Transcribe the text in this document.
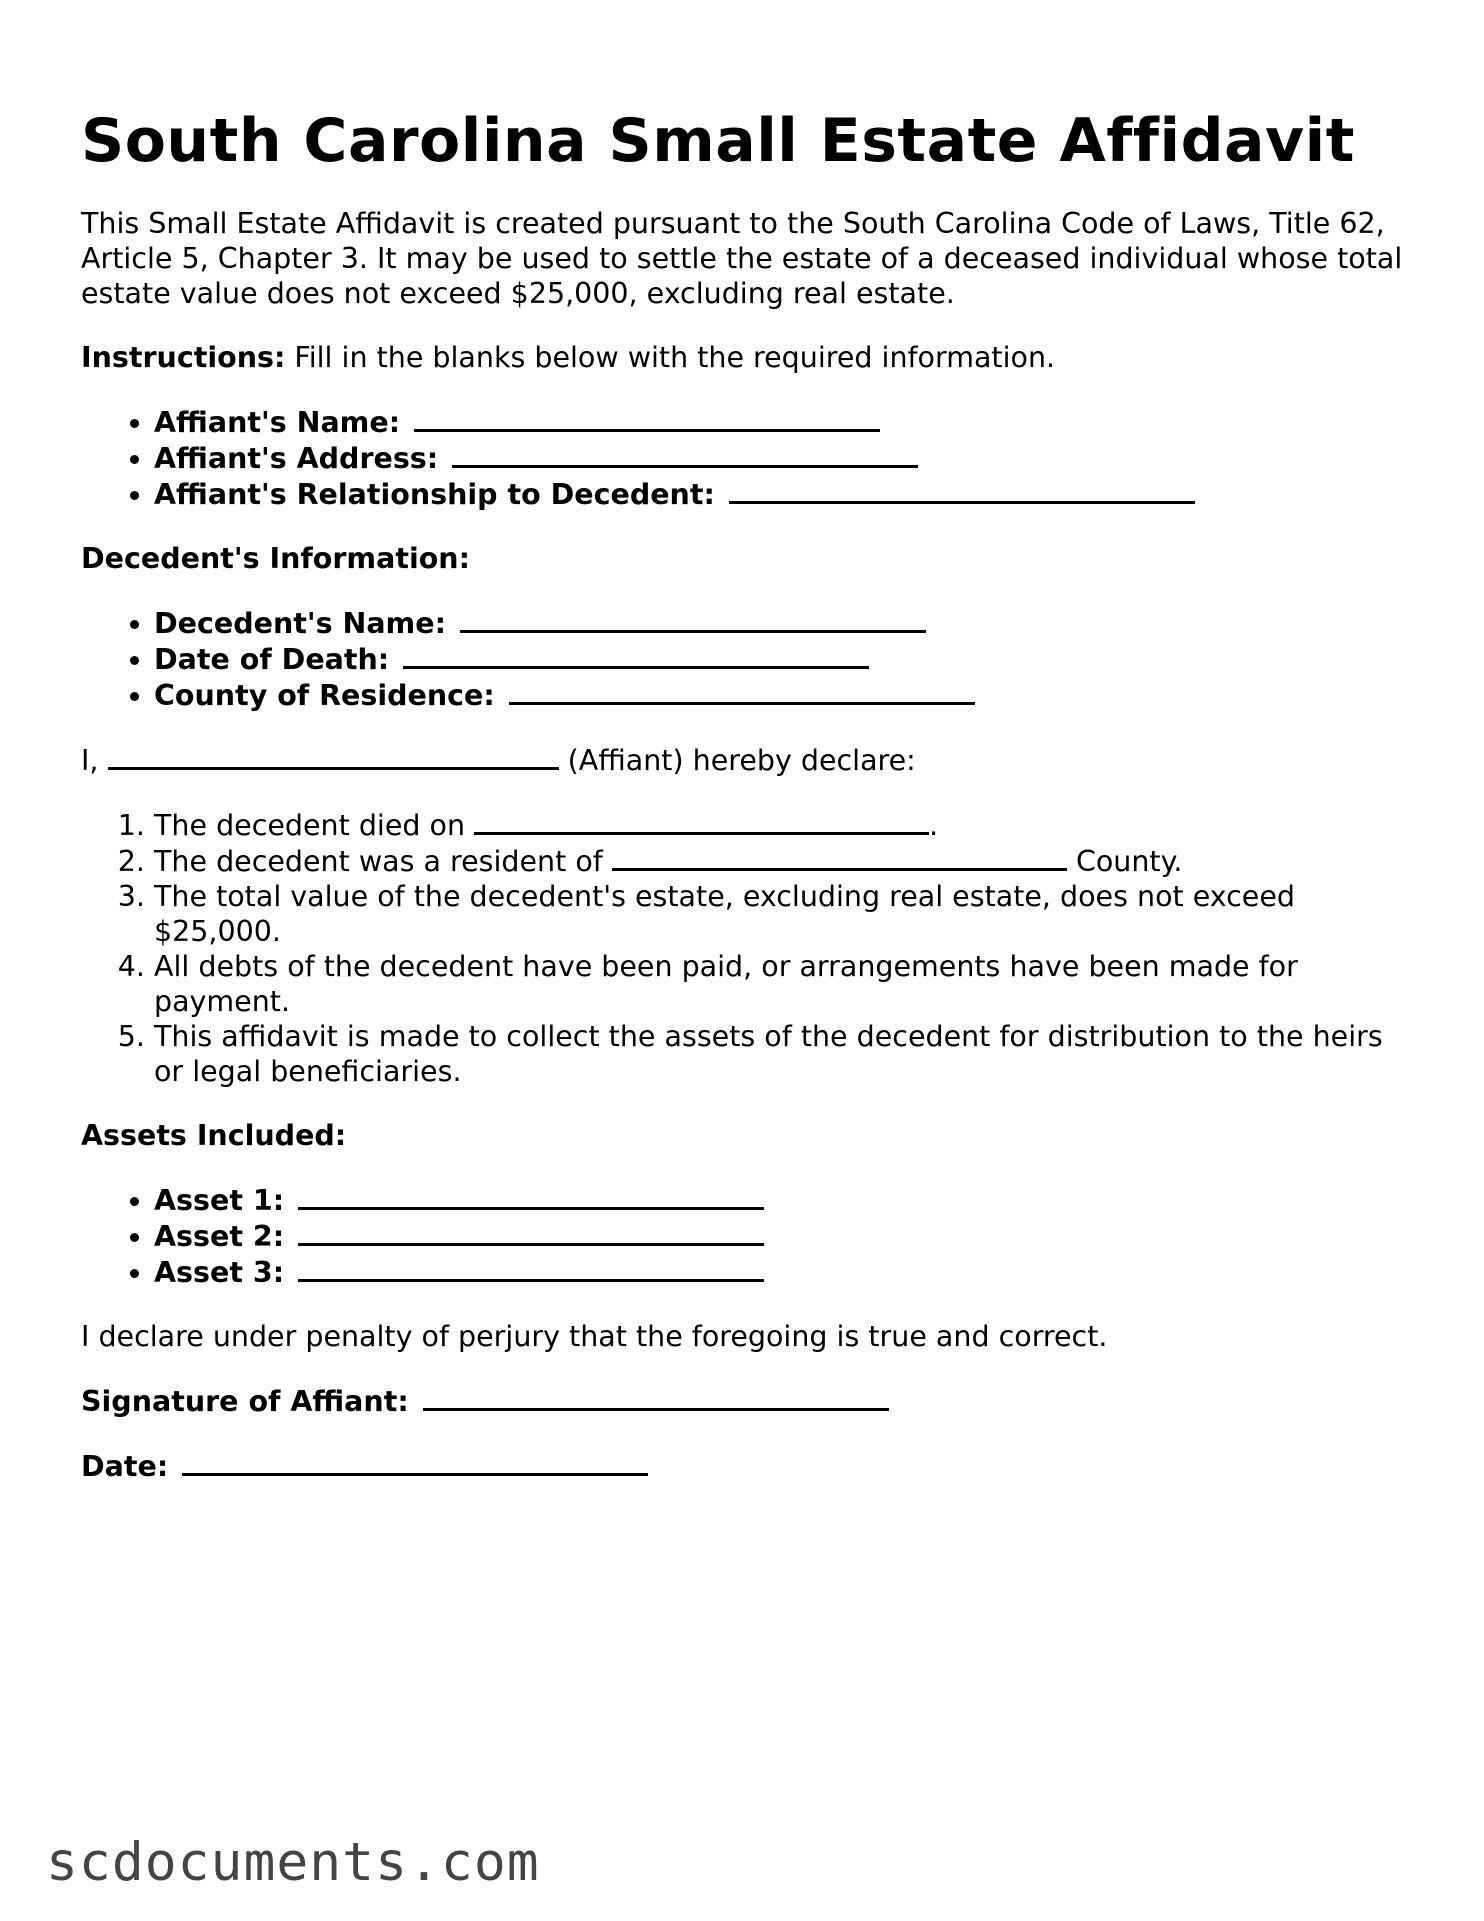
South Carolina Small Estate Affidavit

This Small Estate Affidavit is created pursuant to the South Carolina Code of Laws, Title 62, Article 5, Chapter 3. It may be used to settle the estate of a deceased individual whose total estate value does not exceed $25,000, excluding real estate.

Instructions: Fill in the blanks below with the required information.

• Affiant's Name:
• Affiant's Address:
• Affiant's Relationship to Decedent:

Decedent's Information:

• Decedent's Name:
• Date of Death:
• County of Residence:

I,	(Affiant) hereby declare:

1. The decedent died on	.
2. The decedent was a resident of	County.
3. The total value of the decedent's estate, excluding real estate, does not exceed $25,000.
4. All debts of the decedent have been paid, or arrangements have been made for payment.
5. This affidavit is made to collect the assets of the decedent for distribution to the heirs or legal beneficiaries.

Assets Included:

• Asset 1:
• Asset 2:
• Asset 3:

I declare under penalty of perjury that the foregoing is true and correct.

Signature of Affiant:

Date:

scdocuments.com
